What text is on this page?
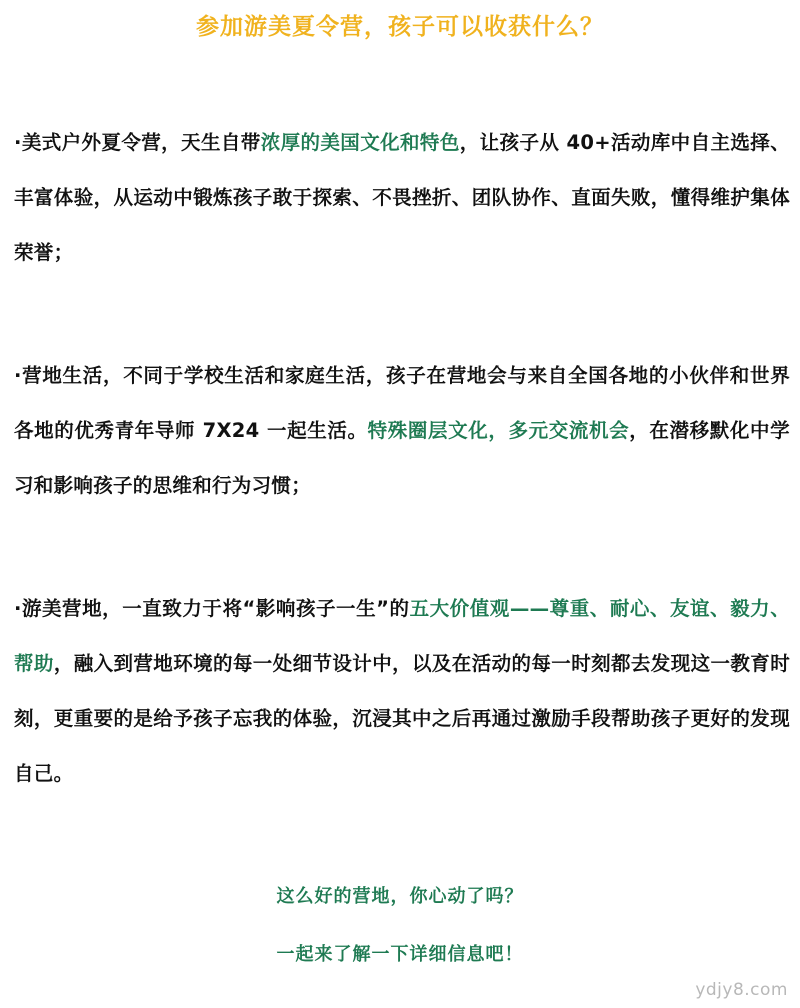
参加游美夏令营，孩子可以收获什么？
·美式户外夏令营，天生自带浓厚的美国文化和特色，让孩子从 40+活动库中自主选择、丰富体验，从运动中锻炼孩子敢于探索、不畏挫折、团队协作、直面失败，懂得维护集体荣誉；
·营地生活，不同于学校生活和家庭生活，孩子在营地会与来自全国各地的小伙伴和世界各地的优秀青年导师 7X24 一起生活。特殊圈层文化，多元交流机会，在潜移默化中学习和影响孩子的思维和行为习惯；
·游美营地，一直致力于将“影响孩子一生”的五大价值观——尊重、耐心、友谊、毅力、帮助，融入到营地环境的每一处细节设计中，以及在活动的每一时刻都去发现这一教育时刻，更重要的是给予孩子忘我的体验，沉浸其中之后再通过激励手段帮助孩子更好的发现自己。
这么好的营地，你心动了吗？
一起来了解一下详细信息吧！
ydjy8.com
